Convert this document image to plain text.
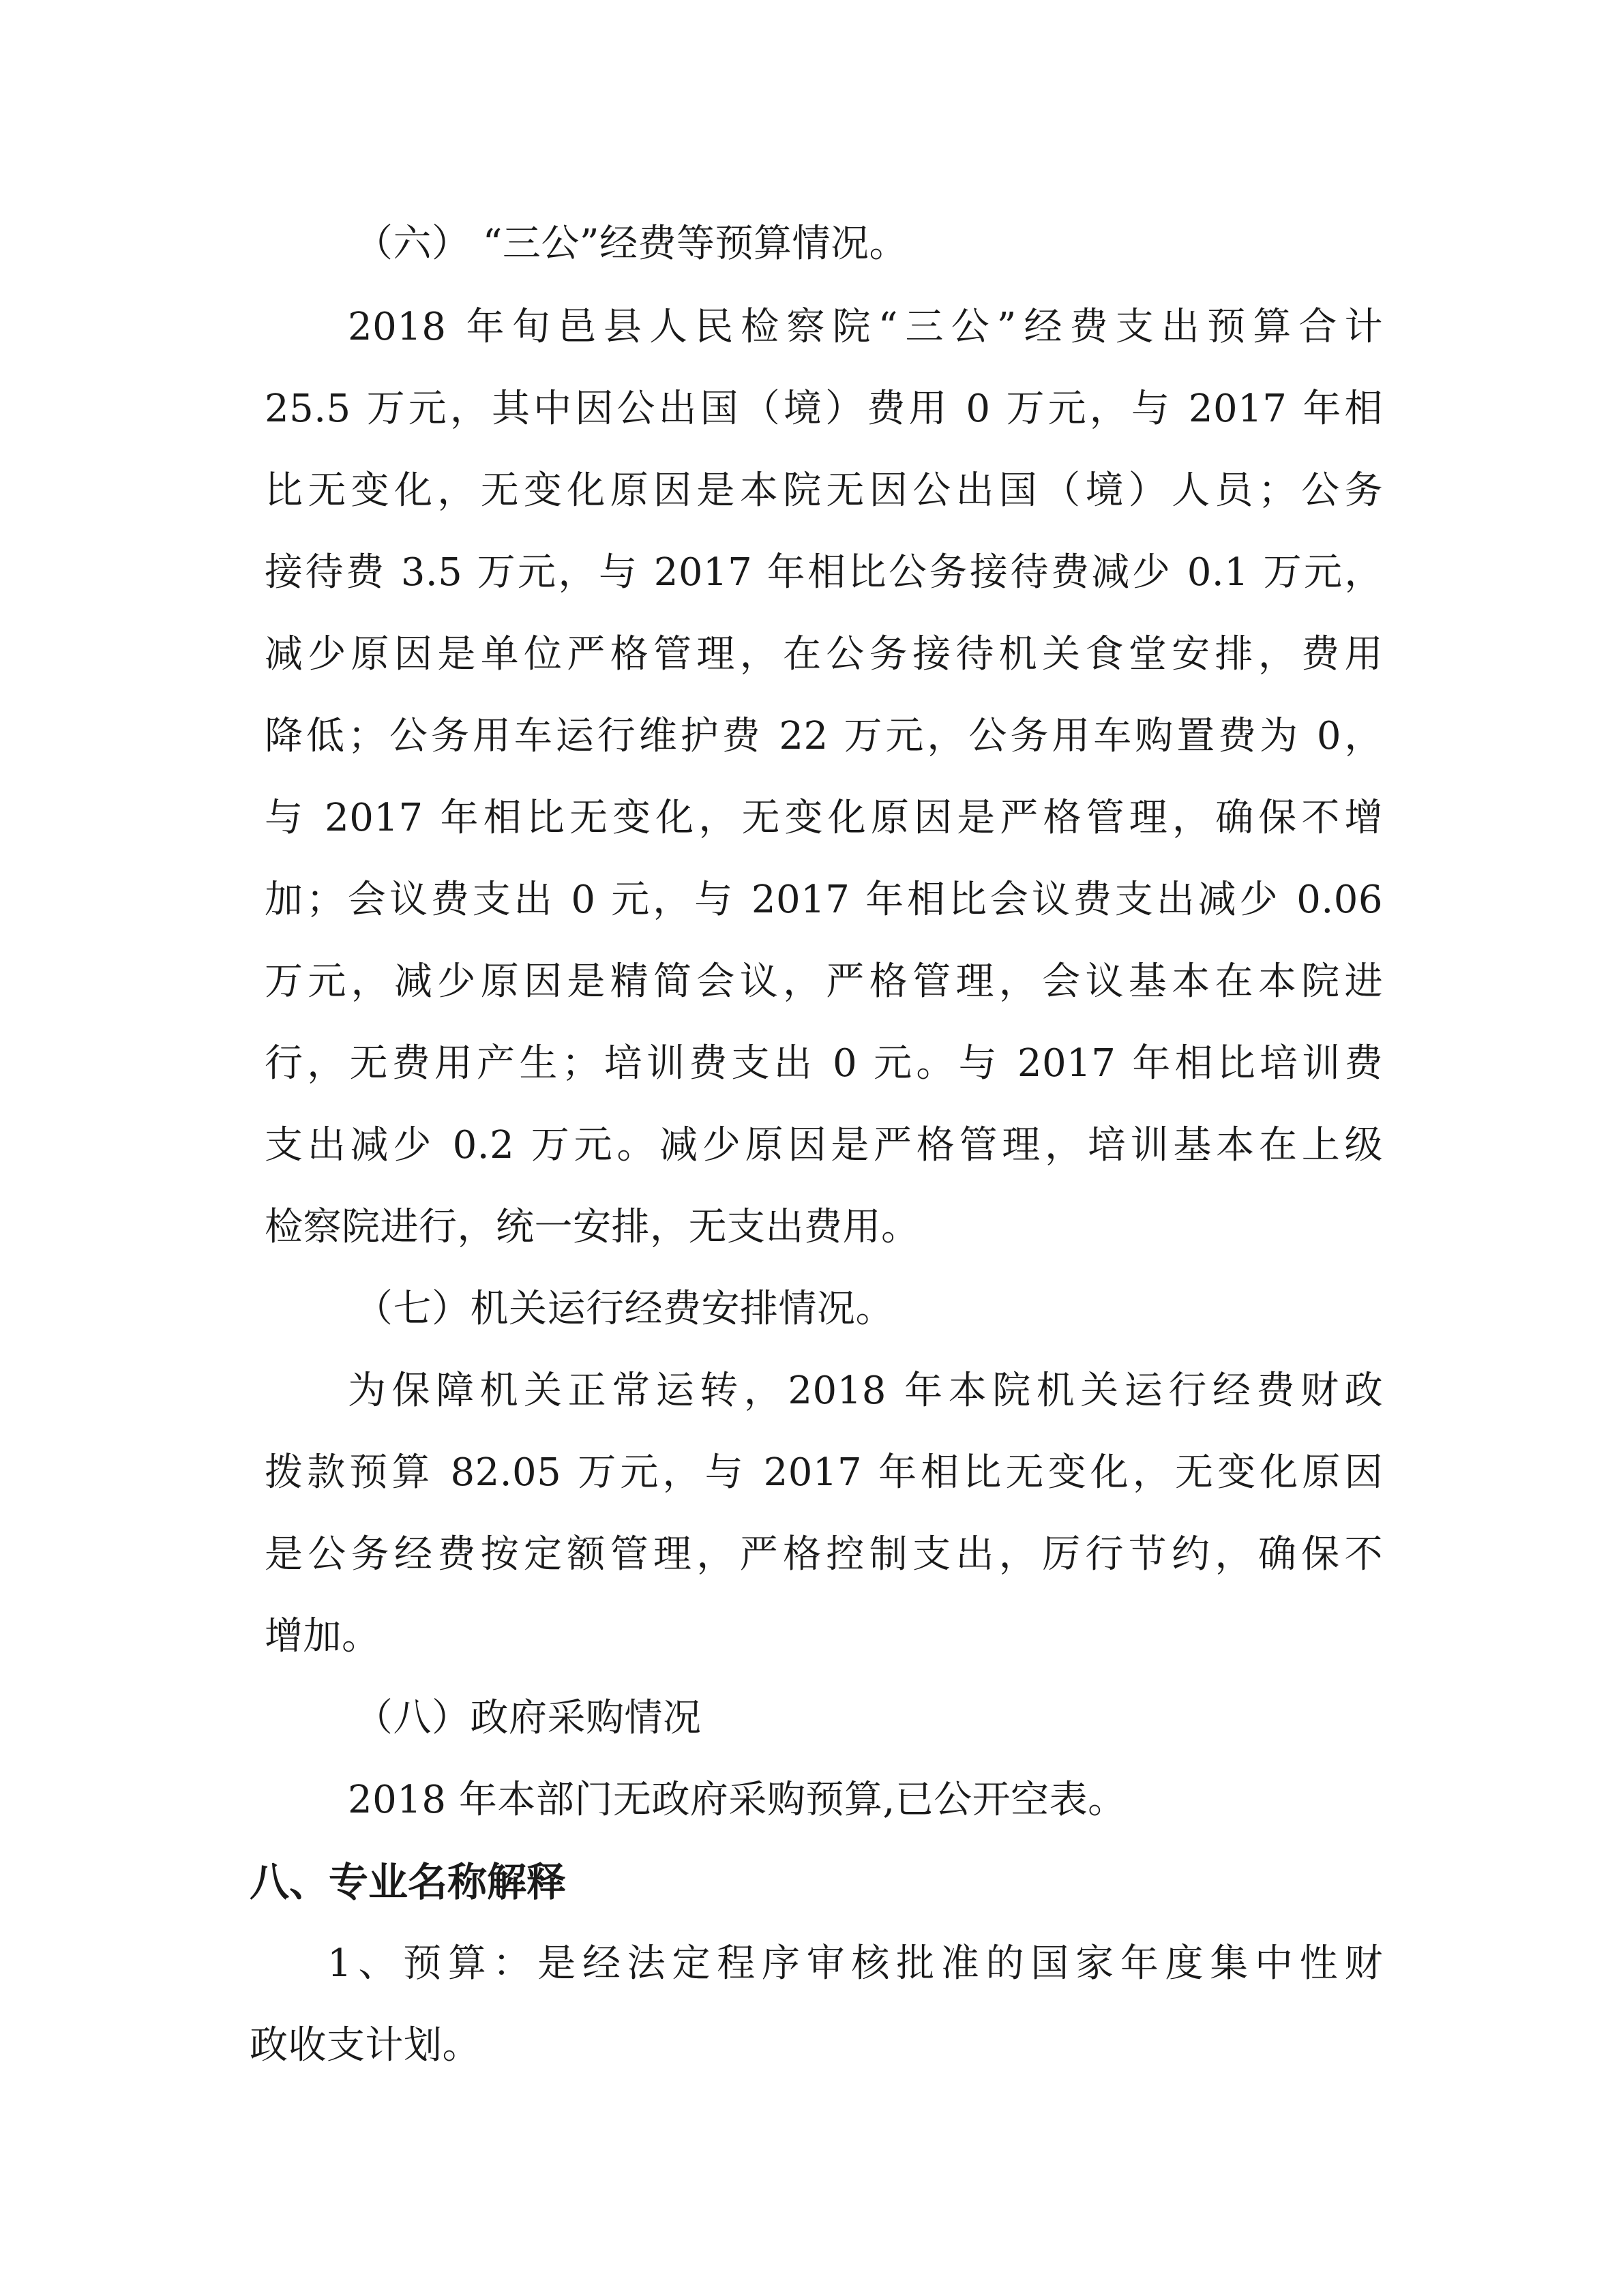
（六） “三公”经费等预算情况。
2018 年旬邑县人民检察院“三公”经费支出预算合计
25.5 万元，其中因公出国（境）费用 0 万元，与 2017 年相
比无变化，无变化原因是本院无因公出国（境）人员；公务
接待费 3.5 万元，与 2017 年相比公务接待费减少 0.1 万元，
减少原因是单位严格管理，在公务接待机关食堂安排，费用
降低；公务用车运行维护费 22 万元，公务用车购置费为 0，
与 2017 年相比无变化，无变化原因是严格管理，确保不增
加；会议费支出 0 元，与 2017 年相比会议费支出减少 0.06
万元，减少原因是精简会议，严格管理，会议基本在本院进
行，无费用产生；培训费支出 0 元。与 2017 年相比培训费
支出减少 0.2 万元。减少原因是严格管理，培训基本在上级
检察院进行，统一安排，无支出费用。
（七）机关运行经费安排情况。
为保障机关正常运转，2018 年本院机关运行经费财政
拨款预算 82.05 万元，与 2017 年相比无变化，无变化原因
是公务经费按定额管理，严格控制支出，厉行节约，确保不
增加。
（八）政府采购情况
2018 年本部门无政府采购预算,已公开空表。
八、专业名称解释
1、预算：是经法定程序审核批准的国家年度集中性财
政收支计划。
